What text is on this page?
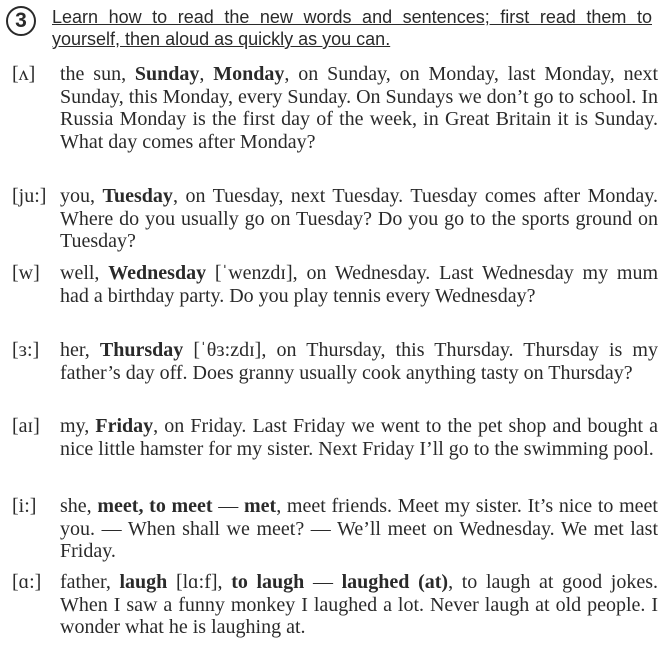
3	Learn how to read the new words and sentences; first read them to yourself, then aloud as quickly as you can.
[ʌ] the sun, Sunday, Monday, on Sunday, on Monday, last Monday, next Sunday, this Monday, every Sunday. On Sundays we don’t go to school. In Russia Monday is the first day of the week, in Great Britain it is Sunday. What day comes after Monday?
[ju:] you, Tuesday, on Tuesday, next Tuesday. Tuesday comes after Monday. Where do you usually go on Tuesday? Do you go to the sports ground on Tuesday?
[w] well, Wednesday [ˈwenzdɪ], on Wednesday. Last Wednesday my mum had a birthday party. Do you play tennis every Wednesday?
[ɜ:] her, Thursday [ˈθɜ:zdɪ], on Thursday, this Thursday. Thursday is my father’s day off. Does granny usually cook anything tasty on Thursday?
[aɪ] my, Friday, on Friday. Last Friday we went to the pet shop and bought a nice little hamster for my sister. Next Friday I’ll go to the swimming pool.
[i:] she, meet, to meet — met, meet friends. Meet my sister. It’s nice to meet you. — When shall we meet? — We’ll meet on Wednesday. We met last Friday.
[ɑ:] father, laugh [lɑ:f], to laugh — laughed (at), to laugh at good jokes. When I saw a funny monkey I laughed a lot. Never laugh at old people. I wonder what he is laughing at.
